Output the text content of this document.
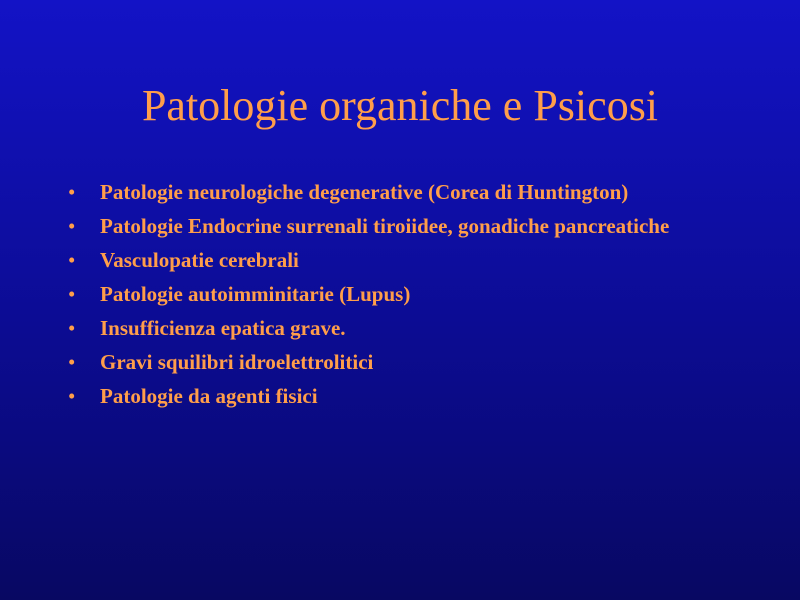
Patologie organiche e Psicosi
•	Patologie neurologiche degenerative (Corea di Huntington)
•	Patologie Endocrine surrenali tiroiidee, gonadiche pancreatiche
•	Vasculopatie cerebrali
•	Patologie autoimminitarie (Lupus)
•	Insufficienza epatica grave.
•	Gravi squilibri idroelettrolitici
•	Patologie da agenti fisici
